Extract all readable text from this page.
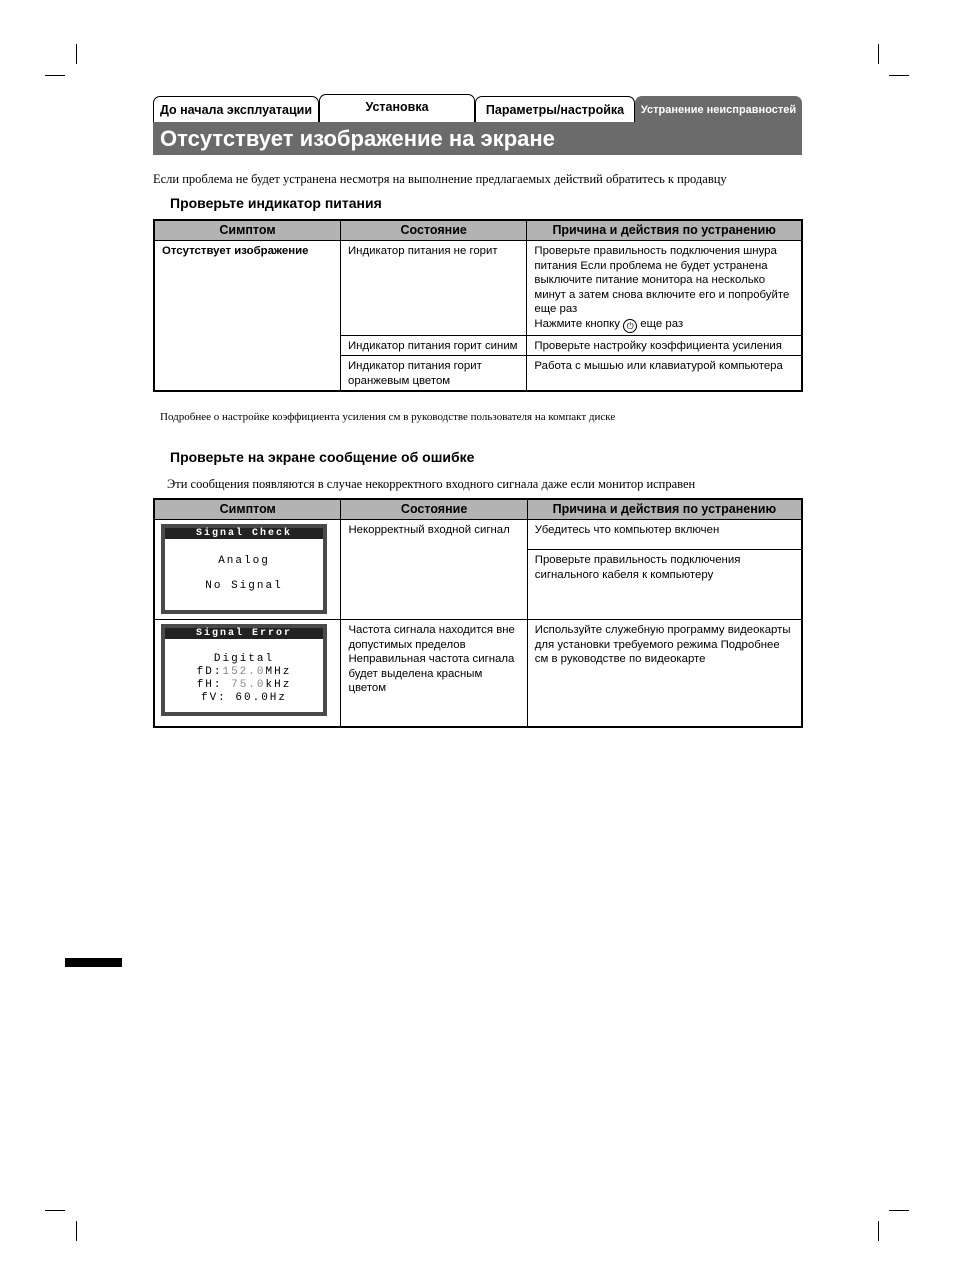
До начала эксплуатации	Установка	Параметры/настройка	Устранение неисправностей
Отсутствует изображение на экране
Если проблема не будет устранена несмотря на выполнение предлагаемых действий обратитесь к продавцу
Проверьте индикатор питания
Симптом	Состояние	Причина и действия по устранению
Отсутствует изображение	Индикатор питания не горит	Проверьте правильность подключения шнура питания Если проблема не будет устранена выключите питание монитора на несколько минут а затем снова включите его и попробуйте еще раз
Нажмите кнопку ⏻ еще раз
	Индикатор питания горит синим	Проверьте настройку коэффициента усиления
	Индикатор питания горит оранжевым цветом	Работа с мышью или клавиатурой компьютера
Подробнее о настройке коэффициента усиления см в руководстве пользователя на компакт диске
Проверьте на экране сообщение об ошибке
Эти сообщения появляются в случае некорректного входного сигнала даже если монитор исправен
Симптом	Состояние	Причина и действия по устранению

Signal Check
Analog
No Signal	Некорректный входной сигнал	Убедитесь что компьютер включен
		Проверьте правильность подключения сигнального кабеля к компьютеру

Signal Error
Digital
fD:152.0MHz
fH: 75.0kHz
fV: 60.0Hz	Частота сигнала находится вне допустимых пределов Неправильная частота сигнала будет выделена красным цветом	Используйте служебную программу видеокарты для установки требуемого режима Подробнее см в руководстве по видеокарте
